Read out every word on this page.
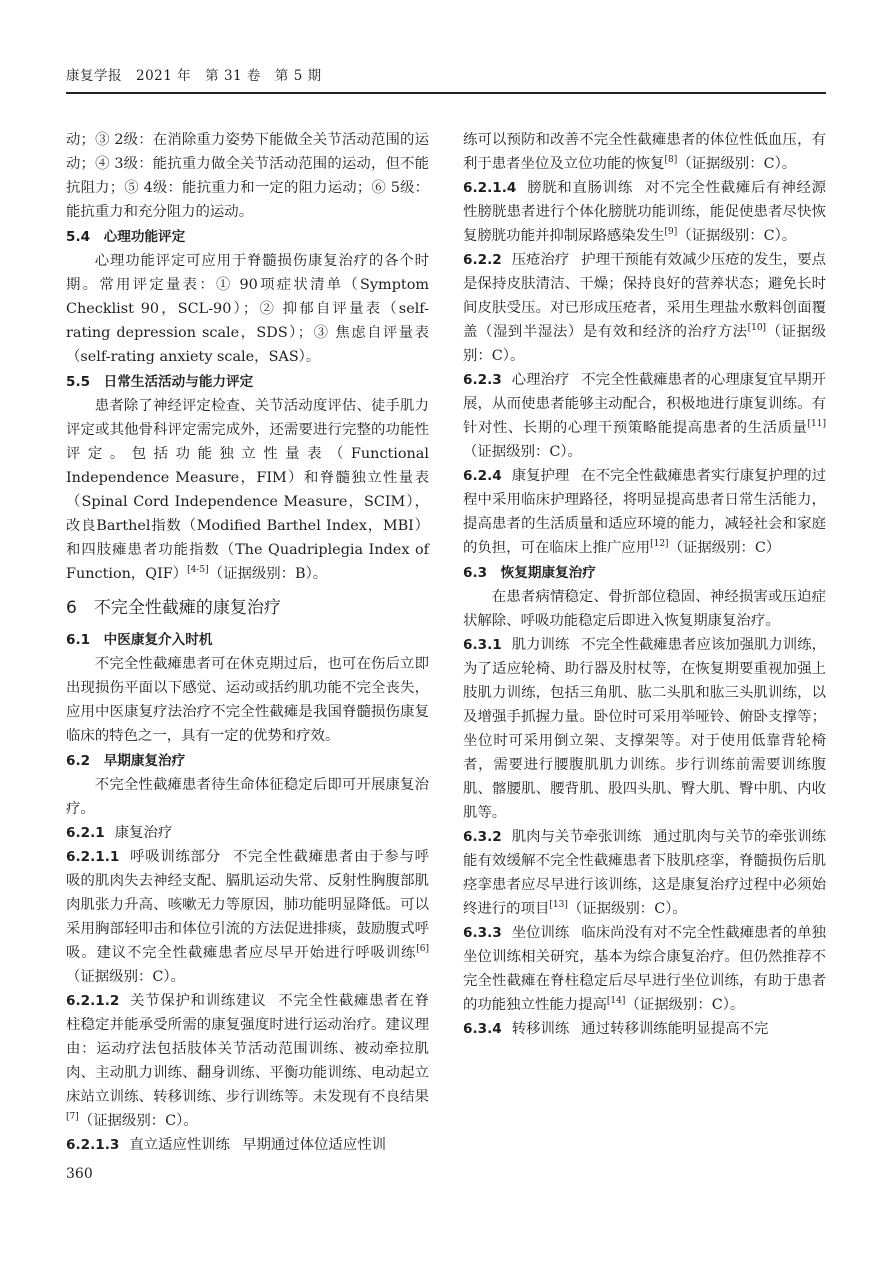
康复学报　2021 年　第 31 卷　第 5 期

动；③ 2级：在消除重力姿势下能做全关节活动范围的运动；④ 3级：能抗重力做全关节活动范围的运动，但不能抗阻力；⑤ 4级：能抗重力和一定的阻力运动；⑥ 5级：能抗重力和充分阻力的运动。

5.4　心理功能评定

心理功能评定可应用于脊髓损伤康复治疗的各个时期。常用评定量表：① 90项症状清单（Symptom Checklist 90，SCL-90）；② 抑郁自评量表（self-rating depression scale，SDS）；③ 焦虑自评量表（self-rating anxiety scale，SAS）。

5.5　日常生活活动与能力评定

患者除了神经评定检查、关节活动度评估、徒手肌力评定或其他骨科评定需完成外，还需要进行完整的功能性评定。包括功能独立性量表（Functional Independence Measure，FIM）和脊髓独立性量表（Spinal Cord Independence Measure，SCIM），改良Barthel指数（Modified Barthel Index，MBI）和四肢瘫患者功能指数（The Quadriplegia Index of Function，QIF）[4-5]（证据级别：B）。

6　不完全性截瘫的康复治疗

6.1　中医康复介入时机

不完全性截瘫患者可在休克期过后，也可在伤后立即出现损伤平面以下感觉、运动或括约肌功能不完全丧失，应用中医康复疗法治疗不完全性截瘫是我国脊髓损伤康复临床的特色之一，具有一定的优势和疗效。

6.2　早期康复治疗

不完全性截瘫患者待生命体征稳定后即可开展康复治疗。

6.2.1 康复治疗

6.2.1.1 呼吸训练部分 不完全性截瘫患者由于参与呼吸的肌肉失去神经支配、膈肌运动失常、反射性胸腹部肌肉肌张力升高、咳嗽无力等原因，肺功能明显降低。可以采用胸部轻叩击和体位引流的方法促进排痰，鼓励腹式呼吸。建议不完全性截瘫患者应尽早开始进行呼吸训练[6]（证据级别：C）。

6.2.1.2 关节保护和训练建议 不完全性截瘫患者在脊柱稳定并能承受所需的康复强度时进行运动治疗。建议理由：运动疗法包括肢体关节活动范围训练、被动牵拉肌肉、主动肌力训练、翻身训练、平衡功能训练、电动起立床站立训练、转移训练、步行训练等。未发现有不良结果[7]（证据级别：C）。

6.2.1.3 直立适应性训练 早期通过体位适应性训

练可以预防和改善不完全性截瘫患者的体位性低血压，有利于患者坐位及立位功能的恢复[8]（证据级别：C）。

6.2.1.4 膀胱和直肠训练 对不完全性截瘫后有神经源性膀胱患者进行个体化膀胱功能训练，能促使患者尽快恢复膀胱功能并抑制尿路感染发生[9]（证据级别：C）。

6.2.2 压疮治疗 护理干预能有效减少压疮的发生，要点是保持皮肤清洁、干燥；保持良好的营养状态；避免长时间皮肤受压。对已形成压疮者，采用生理盐水敷料创面覆盖（湿到半湿法）是有效和经济的治疗方法[10]（证据级别：C）。

6.2.3 心理治疗 不完全性截瘫患者的心理康复宜早期开展，从而使患者能够主动配合，积极地进行康复训练。有针对性、长期的心理干预策略能提高患者的生活质量[11]（证据级别：C）。

6.2.4 康复护理 在不完全性截瘫患者实行康复护理的过程中采用临床护理路径，将明显提高患者日常生活能力，提高患者的生活质量和适应环境的能力，减轻社会和家庭的负担，可在临床上推广应用[12]（证据级别：C）

6.3　恢复期康复治疗

在患者病情稳定、骨折部位稳固、神经损害或压迫症状解除、呼吸功能稳定后即进入恢复期康复治疗。

6.3.1 肌力训练 不完全性截瘫患者应该加强肌力训练，为了适应轮椅、助行器及肘杖等，在恢复期要重视加强上肢肌力训练，包括三角肌、肱二头肌和肱三头肌训练，以及增强手抓握力量。卧位时可采用举哑铃、俯卧支撑等；坐位时可采用倒立架、支撑架等。对于使用低靠背轮椅者，需要进行腰腹肌肌力训练。步行训练前需要训练腹肌、髂腰肌、腰背肌、股四头肌、臀大肌、臀中肌、内收肌等。

6.3.2 肌肉与关节牵张训练 通过肌肉与关节的牵张训练能有效缓解不完全性截瘫患者下肢肌痉挛，脊髓损伤后肌痉挛患者应尽早进行该训练，这是康复治疗过程中必须始终进行的项目[13]（证据级别：C）。

6.3.3 坐位训练 临床尚没有对不完全性截瘫患者的单独坐位训练相关研究，基本为综合康复治疗。但仍然推荐不完全性截瘫在脊柱稳定后尽早进行坐位训练，有助于患者的功能独立性能力提高[14]（证据级别：C）。

6.3.4 转移训练 通过转移训练能明显提高不完

360
